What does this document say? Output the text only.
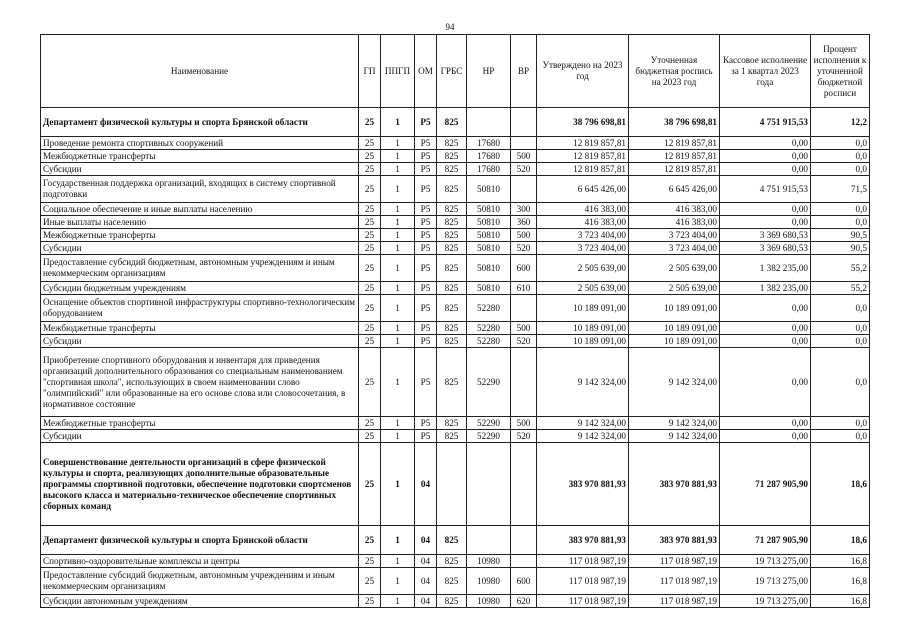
94
Наименование	ГП	ППГП	ОМ	ГРБС	НР	ВР	Утверждено на 2023 год	Уточненная бюджетная роспись на 2023 год	Кассовое исполнение за 1 квартал 2023 года	Процент исполнения к уточненной бюджетной росписи
Департамент физической культуры и спорта Брянской области	25	1	Р5	825			38 796 698,81	38 796 698,81	4 751 915,53	12,2
Проведение ремонта спортивных сооружений	25	1	Р5	825	17680		12 819 857,81	12 819 857,81	0,00	0,0
Межбюджетные трансферты	25	1	Р5	825	17680	500	12 819 857,81	12 819 857,81	0,00	0,0
Субсидии	25	1	Р5	825	17680	520	12 819 857,81	12 819 857,81	0,00	0,0
Государственная поддержка организаций, входящих в систему спортивной подготовки	25	1	Р5	825	50810		6 645 426,00	6 645 426,00	4 751 915,53	71,5
Социальное обеспечение и иные выплаты населению	25	1	Р5	825	50810	300	416 383,00	416 383,00	0,00	0,0
Иные выплаты населению	25	1	Р5	825	50810	360	416 383,00	416 383,00	0,00	0,0
Межбюджетные трансферты	25	1	Р5	825	50810	500	3 723 404,00	3 723 404,00	3 369 680,53	90,5
Субсидии	25	1	Р5	825	50810	520	3 723 404,00	3 723 404,00	3 369 680,53	90,5
Предоставление субсидий бюджетным, автономным учреждениям и иным некоммерческим организациям	25	1	Р5	825	50810	600	2 505 639,00	2 505 639,00	1 382 235,00	55,2
Субсидии бюджетным учреждениям	25	1	Р5	825	50810	610	2 505 639,00	2 505 639,00	1 382 235,00	55,2
Оснащение объектов спортивной инфраструктуры спортивно-технологическим оборудованием	25	1	Р5	825	52280		10 189 091,00	10 189 091,00	0,00	0,0
Межбюджетные трансферты	25	1	Р5	825	52280	500	10 189 091,00	10 189 091,00	0,00	0,0
Субсидии	25	1	Р5	825	52280	520	10 189 091,00	10 189 091,00	0,00	0,0
Приобретение спортивного оборудования и инвентаря для приведения организаций дополнительного образования со специальным наименованием "спортивная школа", использующих в своем наименовании слово "олимпийский" или образованные на его основе слова или словосочетания, в нормативное состояние	25	1	Р5	825	52290		9 142 324,00	9 142 324,00	0,00	0,0
Межбюджетные трансферты	25	1	Р5	825	52290	500	9 142 324,00	9 142 324,00	0,00	0,0
Субсидии	25	1	Р5	825	52290	520	9 142 324,00	9 142 324,00	0,00	0,0
Совершенствование деятельности организаций в сфере физической культуры и спорта, реализующих дополнительные образовательные программы спортивной подготовки, обеспечение подготовки спортсменов высокого класса и материально-техническое обеспечение спортивных сборных команд	25	1	04				383 970 881,93	383 970 881,93	71 287 905,90	18,6
Департамент физической культуры и спорта Брянской области	25	1	04	825			383 970 881,93	383 970 881,93	71 287 905,90	18,6
Спортивно-оздоровительные комплексы и центры	25	1	04	825	10980		117 018 987,19	117 018 987,19	19 713 275,00	16,8
Предоставление субсидий бюджетным, автономным учреждениям и иным некоммерческим организациям	25	1	04	825	10980	600	117 018 987,19	117 018 987,19	19 713 275,00	16,8
Субсидии автономным учреждениям	25	1	04	825	10980	620	117 018 987,19	117 018 987,19	19 713 275,00	16,8
